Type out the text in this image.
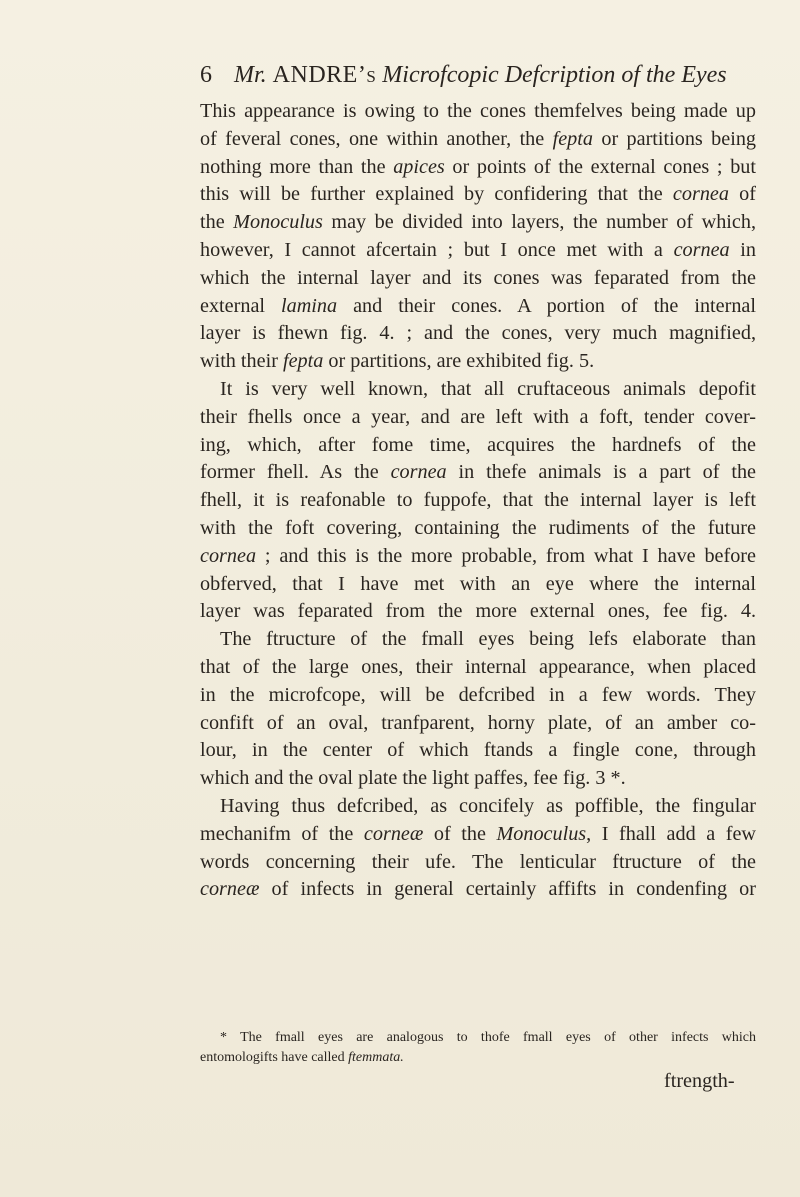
6 Mr. ANDRE’s Microfcopic Defcription of the Eyes
This appearance is owing to the cones themfelves being made up
of feveral cones, one within another, the fepta or partitions being
nothing more than the apices or points of the external cones ; but
this will be further explained by confidering that the cornea of
the Monoculus may be divided into layers, the number of which,
however, I cannot afcertain ; but I once met with a cornea in
which the internal layer and its cones was feparated from the
external lamina and their cones. A portion of the internal
layer is fhewn fig. 4. ; and the cones, very much magnified,
with their fepta or partitions, are exhibited fig. 5.
It is very well known, that all cruftaceous animals depofit
their fhells once a year, and are left with a foft, tender cover-
ing, which, after fome time, acquires the hardnefs of the
former fhell. As the cornea in thefe animals is a part of the
fhell, it is reafonable to fuppofe, that the internal layer is left
with the foft covering, containing the rudiments of the future
cornea ; and this is the more probable, from what I have before
obferved, that I have met with an eye where the internal
layer was feparated from the more external ones, fee fig. 4.
The ftructure of the fmall eyes being lefs elaborate than
that of the large ones, their internal appearance, when placed
in the microfcope, will be defcribed in a few words. They
confift of an oval, tranfparent, horny plate, of an amber co-
lour, in the center of which ftands a fingle cone, through
which and the oval plate the light paffes, fee fig. 3 *.
Having thus defcribed, as concifely as poffible, the fingular
mechanifm of the corneæ of the Monoculus, I fhall add a few
words concerning their ufe. The lenticular ftructure of the
corneæ of infects in general certainly affifts in condenfing or
* The fmall eyes are analogous to thofe fmall eyes of other infects which
entomologifts have called ftemmata.
ftrength-
